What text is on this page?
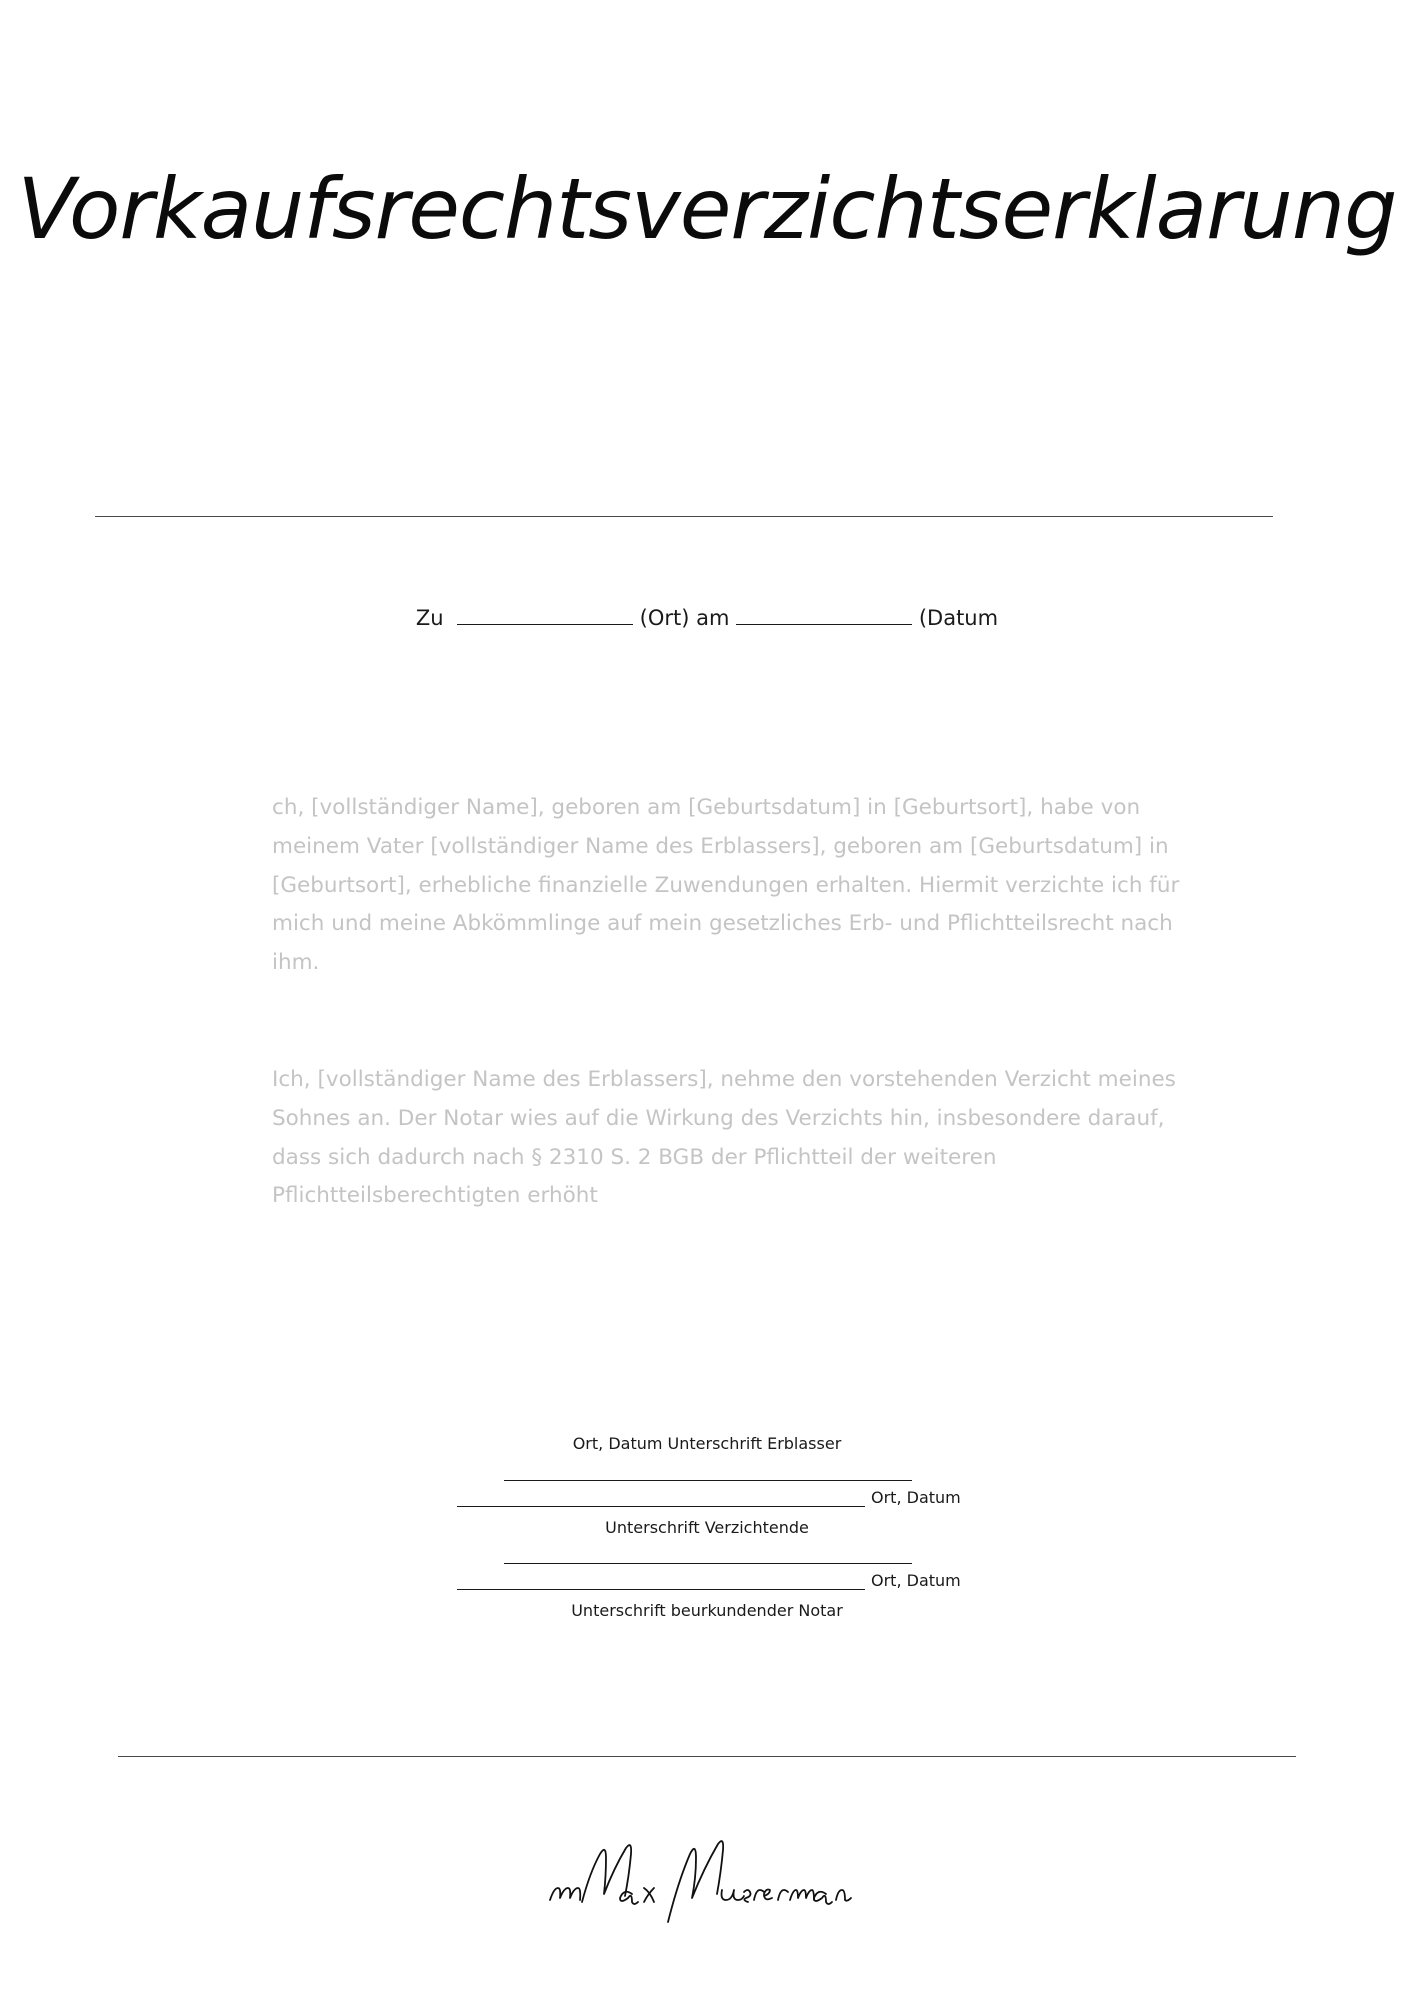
Vorkaufsrechtsverzichtserklarung
Zu	(Ort) am	(Datum
ch, [vollständiger Name], geboren am [Geburtsdatum] in [Geburtsort], habe von meinem Vater [vollständiger Name des Erblassers], geboren am [Geburtsdatum] in [Geburtsort], erhebliche finanzielle Zuwendungen erhalten. Hiermit verzichte ich für mich und meine Abkömmlinge auf mein gesetzliches Erb- und Pflichtteilsrecht nach ihm.
Ich, [vollständiger Name des Erblassers], nehme den vorstehenden Verzicht meines Sohnes an. Der Notar wies auf die Wirkung des Verzichts hin, insbesondere darauf, dass sich dadurch nach § 2310 S. 2 BGB der Pflichtteil der weiteren Pflichtteilsberechtigten erhöht
Ort, Datum Unterschrift Erblasser
Ort, Datum
Unterschrift Verzichtende
Ort, Datum
Unterschrift beurkundender Notar
